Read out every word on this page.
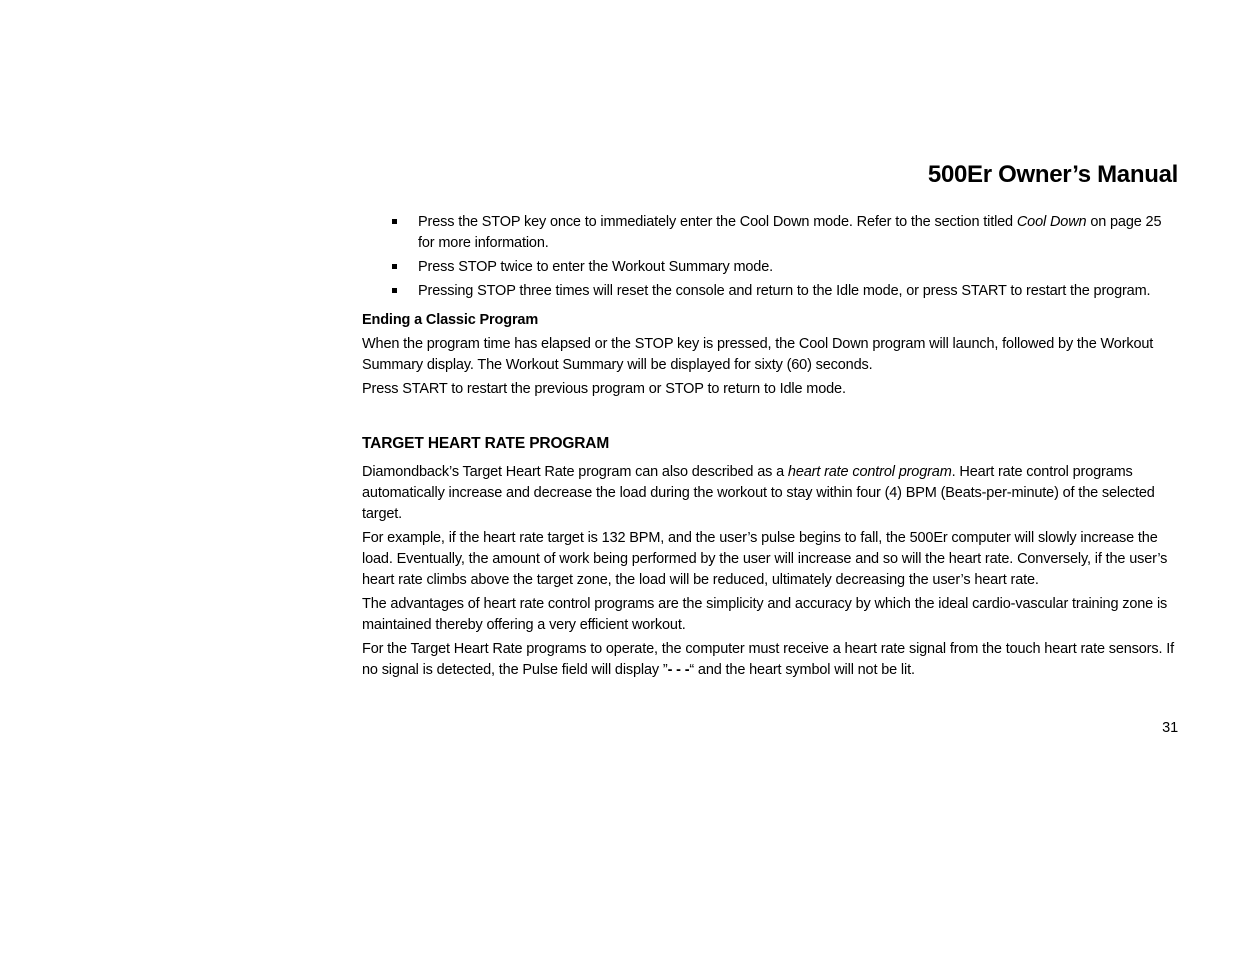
500Er Owner’s Manual
Press the STOP key once to immediately enter the Cool Down mode. Refer to the section titled Cool Down on page 25 for more information.
Press STOP twice to enter the Workout Summary mode.
Pressing STOP three times will reset the console and return to the Idle mode, or press START to restart the program.
Ending a Classic Program

When the program time has elapsed or the STOP key is pressed, the Cool Down program will launch, followed by the Workout Summary display. The Workout Summary will be displayed for sixty (60) seconds.

Press START to restart the previous program or STOP to return to Idle mode.

TARGET HEART RATE PROGRAM

Diamondback’s Target Heart Rate program can also described as a heart rate control program. Heart rate control programs automatically increase and decrease the load during the workout to stay within four (4) BPM (Beats-per-minute) of the selected target.

For example, if the heart rate target is 132 BPM, and the user’s pulse begins to fall, the 500Er computer will slowly increase the load. Eventually, the amount of work being performed by the user will increase and so will the heart rate. Conversely, if the user’s heart rate climbs above the target zone, the load will be reduced, ultimately decreasing the user’s heart rate.

The advantages of heart rate control programs are the simplicity and accuracy by which the ideal cardio-vascular training zone is maintained thereby offering a very efficient workout.

For the Target Heart Rate programs to operate, the computer must receive a heart rate signal from the touch heart rate sensors. If no signal is detected, the Pulse field will display ”- - -“ and the heart symbol will not be lit.

31
